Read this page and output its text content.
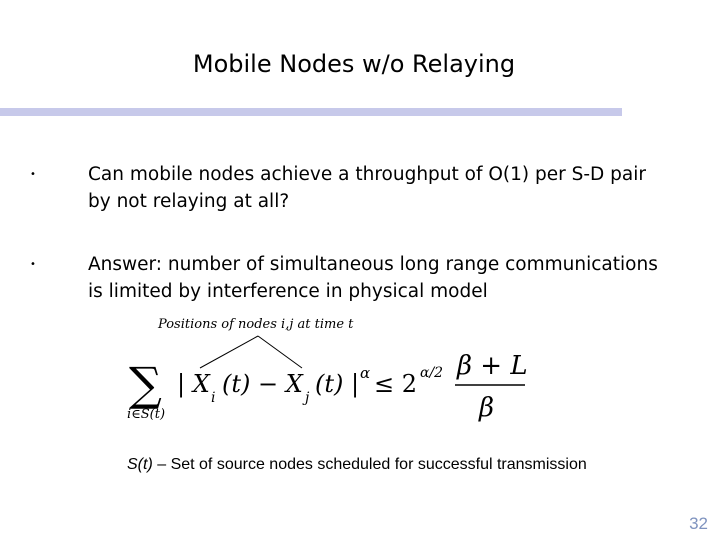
Mobile Nodes w/o Relaying
•	Can mobile nodes achieve a throughput of O(1) per S-D pair
by not relaying at all?
•	Answer: number of simultaneous long range communications
is limited by interference in physical model
Positions of nodes i,j at time t
∑
i∈S(t)
| X i (t) − X j (t) | α ≤ 2 α/2 β + L
β
S(t) – Set of source nodes scheduled for successful transmission
32
